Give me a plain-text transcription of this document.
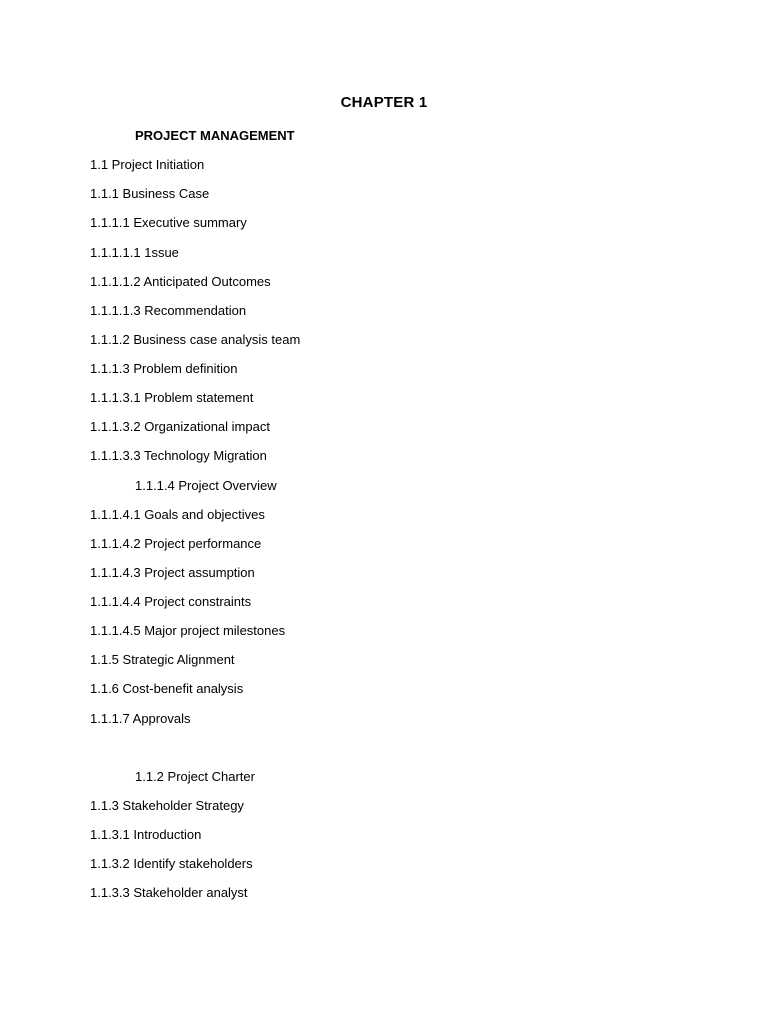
CHAPTER 1
PROJECT MANAGEMENT
1.1 Project Initiation
1.1.1 Business Case
1.1.1.1 Executive summary
1.1.1.1.1 1ssue
1.1.1.1.2 Anticipated Outcomes
1.1.1.1.3 Recommendation
1.1.1.2 Business case analysis team
1.1.1.3 Problem definition
1.1.1.3.1 Problem statement
1.1.1.3.2 Organizational impact
1.1.1.3.3 Technology Migration
1.1.1.4 Project Overview
1.1.1.4.1 Goals and objectives
1.1.1.4.2 Project performance
1.1.1.4.3 Project assumption
1.1.1.4.4 Project constraints
1.1.1.4.5 Major project milestones
1.1.5 Strategic Alignment
1.1.6 Cost-benefit analysis
1.1.1.7 Approvals
1.1.2 Project Charter
1.1.3 Stakeholder Strategy
1.1.3.1 Introduction
1.1.3.2 Identify stakeholders
1.1.3.3 Stakeholder analyst
